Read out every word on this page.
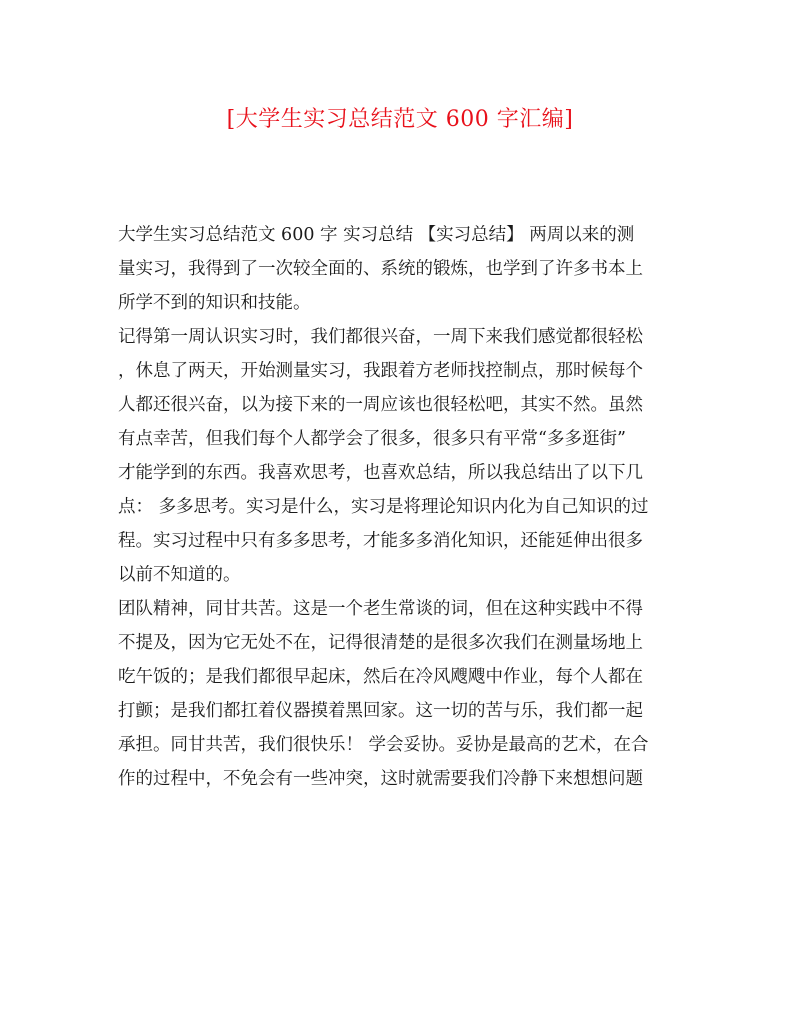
[大学生实习总结范文 600 字汇编]
大学生实习总结范文 600 字 实习总结 【实习总结】 两周以来的测
量实习，我得到了一次较全面的、系统的锻炼，也学到了许多书本上
所学不到的知识和技能。
记得第一周认识实习时，我们都很兴奋，一周下来我们感觉都很轻松
，休息了两天，开始测量实习，我跟着方老师找控制点，那时候每个
人都还很兴奋，以为接下来的一周应该也很轻松吧，其实不然。虽然
有点幸苦，但我们每个人都学会了很多，很多只有平常“多多逛街”
才能学到的东西。我喜欢思考，也喜欢总结，所以我总结出了以下几
点： 多多思考。实习是什么，实习是将理论知识内化为自己知识的过
程。实习过程中只有多多思考，才能多多消化知识，还能延伸出很多
以前不知道的。
团队精神，同甘共苦。这是一个老生常谈的词，但在这种实践中不得
不提及，因为它无处不在，记得很清楚的是很多次我们在测量场地上
吃午饭的；是我们都很早起床，然后在冷风飕飕中作业，每个人都在
打颤；是我们都扛着仪器摸着黑回家。这一切的苦与乐，我们都一起
承担。同甘共苦，我们很快乐！ 学会妥协。妥协是最高的艺术，在合
作的过程中，不免会有一些冲突，这时就需要我们冷静下来想想问题
